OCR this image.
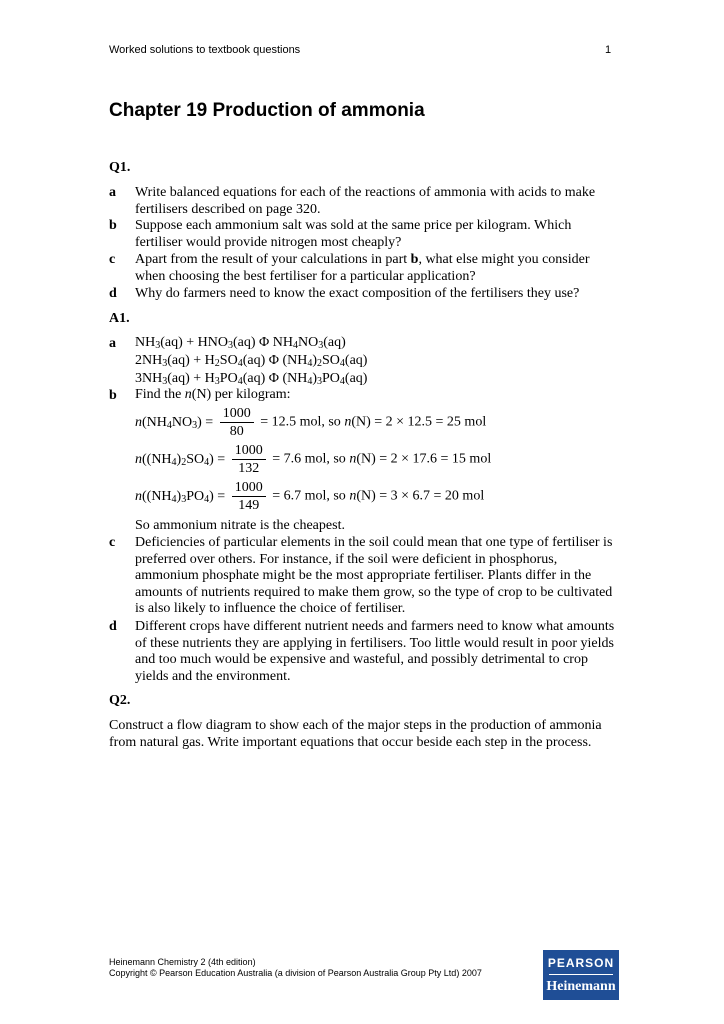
Worked solutions to textbook questions	1
Chapter 19 Production of ammonia
Q1.
a Write balanced equations for each of the reactions of ammonia with acids to make fertilisers described on page 320.
b Suppose each ammonium salt was sold at the same price per kilogram. Which fertiliser would provide nitrogen most cheaply?
c Apart from the result of your calculations in part b, what else might you consider when choosing the best fertiliser for a particular application?
d Why do farmers need to know the exact composition of the fertilisers they use?
A1.
a $NH_3(aq) + HNO_3(aq)$ Φ $NH_4NO_3(aq)$
$2NH_3(aq) + H_2SO_4(aq)$ Φ $(NH_4)_2SO_4(aq)$
$3NH_3(aq) + H_3PO_4(aq)$ Φ $(NH_4)_3PO_4(aq)$
b Find the n(N) per kilogram:
$n(NH_4NO_3) = \frac{1000}{80} = 12.5$ mol, so n(N) = 2 × 12.5 = 25 mol
$n((NH_4)_2SO_4) = \frac{1000}{132} = 7.6$ mol, so n(N) = 2 × 17.6 = 15 mol
$n((NH_4)_3PO_4) = \frac{1000}{149} = 6.7$ mol, so n(N) = 3 × 6.7 = 20 mol
So ammonium nitrate is the cheapest.
c Deficiencies of particular elements in the soil could mean that one type of fertiliser is preferred over others. For instance, if the soil were deficient in phosphorus, ammonium phosphate might be the most appropriate fertiliser. Plants differ in the amounts of nutrients required to make them grow, so the type of crop to be cultivated is also likely to influence the choice of fertiliser.
d Different crops have different nutrient needs and farmers need to know what amounts of these nutrients they are applying in fertilisers. Too little would result in poor yields and too much would be expensive and wasteful, and possibly detrimental to crop yields and the environment.
Q2.
Construct a flow diagram to show each of the major steps in the production of ammonia from natural gas. Write important equations that occur beside each step in the process.
Heinemann Chemistry 2 (4th edition)
Copyright © Pearson Education Australia (a division of Pearson Australia Group Pty Ltd) 2007
PEARSON
Heinemann
